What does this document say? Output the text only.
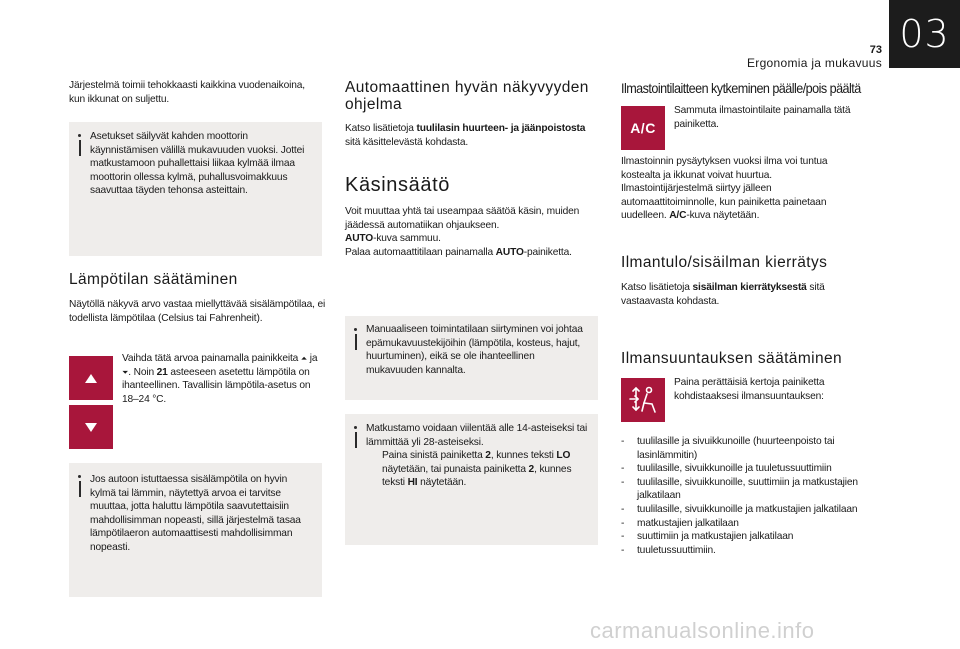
03
73
Ergonomia ja mukavuus
Järjestelmä toimii tehokkaasti kaikkina vuodenaikoina, kun ikkunat on suljettu.
Asetukset säilyvät kahden moottorin käynnistämisen välillä mukavuuden vuoksi. Jottei matkustamoon puhallettaisi liikaa kylmää ilmaa moottorin ollessa kylmä, puhallusvoimakkuus saavuttaa täyden tehonsa asteittain.
Lämpötilan säätäminen
Näytöllä näkyvä arvo vastaa miellyttävää sisälämpötilaa, ei todellista lämpötilaa (Celsius tai Fahrenheit).
Vaihda tätä arvoa painamalla painikkeita ⏶ ja ⏷. Noin 21 asteeseen asetettu lämpötila on ihanteellinen. Tavallisin lämpötila-asetus on 18–24 °C.
Jos autoon istuttaessa sisälämpötila on hyvin kylmä tai lämmin, näytettyä arvoa ei tarvitse muuttaa, jotta haluttu lämpötila saavutettaisiin mahdollisimman nopeasti, sillä järjestelmä tasaa lämpötilaeron automaattisesti mahdollisimman nopeasti.
Automaattinen hyvän näkyvyyden ohjelma
Katso lisätietoja tuulilasin huurteen- ja jäänpoistosta sitä käsittelevästä kohdasta.
Käsinsäätö
Voit muuttaa yhtä tai useampaa säätöä käsin, muiden jäädessä automatiikan ohjaukseen.
AUTO-kuva sammuu.
Palaa automaattitilaan painamalla AUTO-painiketta.
Manuaaliseen toimintatilaan siirtyminen voi johtaa epämukavuustekijöihin (lämpötila, kosteus, hajut, huurtuminen), eikä se ole ihanteellinen mukavuuden kannalta.
Matkustamo voidaan viilentää alle 14-asteiseksi tai lämmittää yli 28-asteiseksi.
Paina sinistä painiketta 2, kunnes teksti LO näytetään, tai punaista painiketta 2, kunnes teksti HI näytetään.
Ilmastointilaitteen kytkeminen päälle/pois päältä
A/C
Sammuta ilmastointilaite painamalla tätä painiketta.
Ilmastoinnin pysäytyksen vuoksi ilma voi tuntua kostealta ja ikkunat voivat huurtua. Ilmastointijärjestelmä siirtyy jälleen automaattitoiminnolle, kun painiketta painetaan uudelleen. A/C-kuva näytetään.
Ilmantulo/sisäilman kierrätys
Katso lisätietoja sisäilman kierrätyksestä sitä vastaavasta kohdasta.
Ilmansuuntauksen säätäminen
Paina perättäisiä kertoja painiketta kohdistaaksesi ilmansuuntauksen:
- tuulilasille ja sivuikkunoille (huurteenpoisto tai lasinlämmitin)
- tuulilasille, sivuikkunoille ja tuuletussuuttimiin
- tuulilasille, sivuikkunoille, suuttimiin ja matkustajien jalkatilaan
- tuulilasille, sivuikkunoille ja matkustajien jalkatilaan
- matkustajien jalkatilaan
- suuttimiin ja matkustajien jalkatilaan
- tuuletussuuttimiin.
carmanualsonline.info
